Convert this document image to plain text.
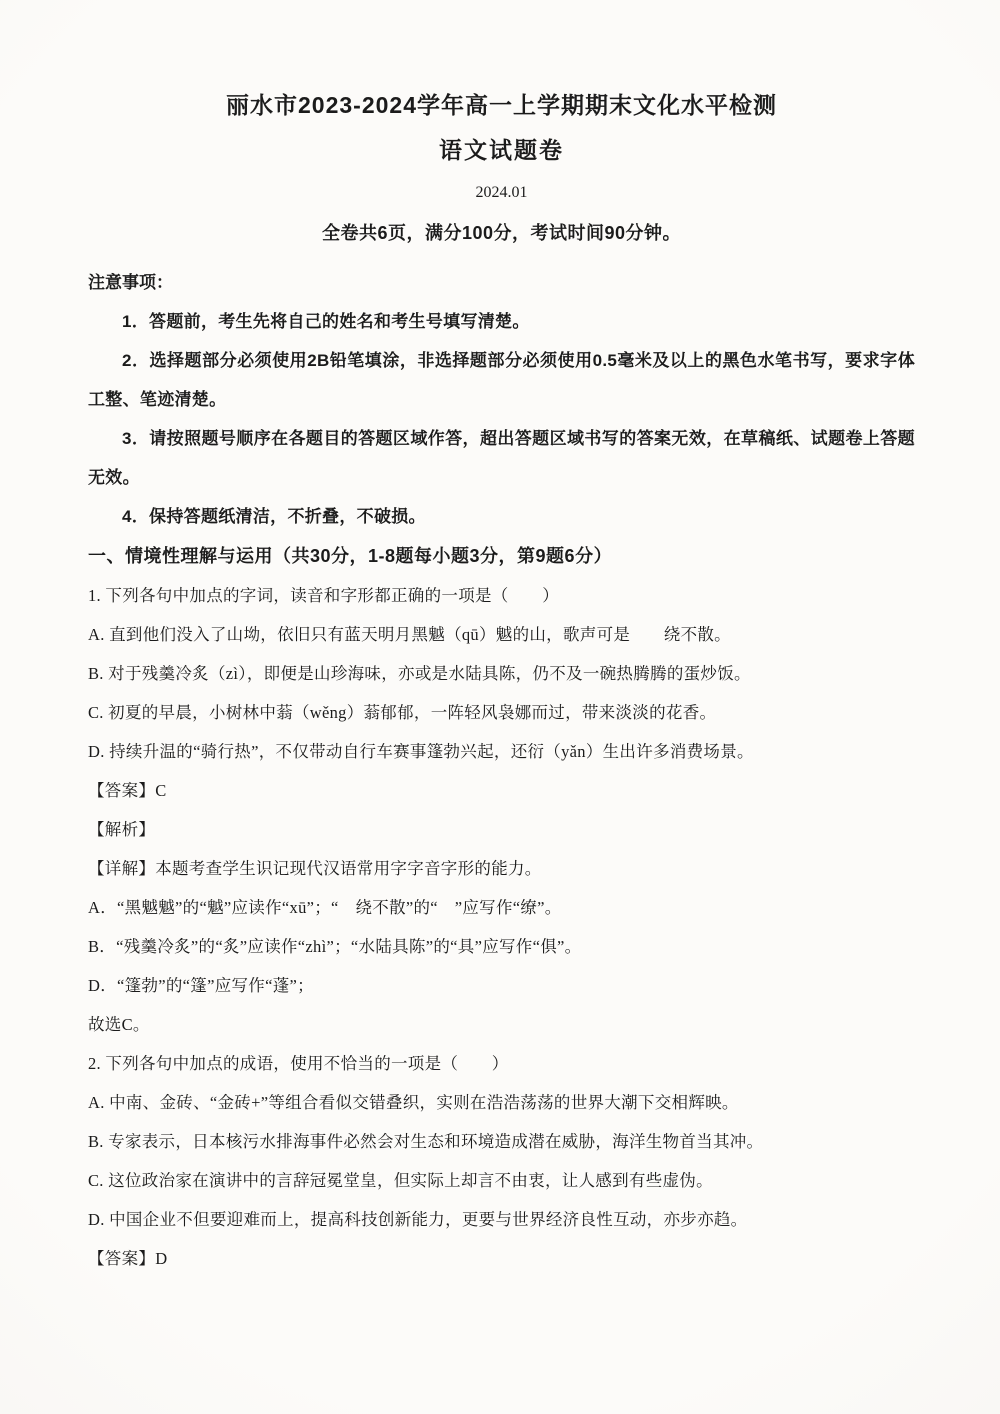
丽水市2023-2024学年高一上学期期末文化水平检测
语文试题卷
2024.01
全卷共6页，满分100分，考试时间90分钟。
注意事项：

1．答题前，考生先将自己的姓名和考生号填写清楚。

2．选择题部分必须使用2B铅笔填涂，非选择题部分必须使用0.5毫米及以上的黑色水笔书写，要求字体工整、笔迹清楚。

3．请按照题号顺序在各题目的答题区域作答，超出答题区域书写的答案无效，在草稿纸、试题卷上答题无效。

4．保持答题纸清洁，不折叠，不破损。

一、情境性理解与运用（共30分，1-8题每小题3分，第9题6分）

1. 下列各句中加点的字词，读音和字形都正确的一项是（　　）

A. 直到他们没入了山坳，依旧只有蓝天明月黑魆（qū）魆的山，歌声可是　　绕不散。

B. 对于残羹冷炙（zì），即便是山珍海味，亦或是水陆具陈，仍不及一碗热腾腾的蛋炒饭。

C. 初夏的早晨，小树林中蓊（wěng）蓊郁郁，一阵轻风袅娜而过，带来淡淡的花香。

D. 持续升温的“骑行热”，不仅带动自行车赛事篷勃兴起，还衍（yǎn）生出许多消费场景。

【答案】C

【解析】

【详解】本题考查学生识记现代汉语常用字字音字形的能力。

A．“黑魆魆”的“魆”应读作“xū”；“　绕不散”的“　”应写作“缭”。

B．“残羹冷炙”的“炙”应读作“zhì”；“水陆具陈”的“具”应写作“俱”。

D．“篷勃”的“篷”应写作“蓬”；

故选C。

2. 下列各句中加点的成语，使用不恰当的一项是（　　）

A. 中南、金砖、“金砖+”等组合看似交错叠织，实则在浩浩荡荡的世界大潮下交相辉映。

B. 专家表示，日本核污水排海事件必然会对生态和环境造成潜在威胁，海洋生物首当其冲。

C. 这位政治家在演讲中的言辞冠冕堂皇，但实际上却言不由衷，让人感到有些虚伪。

D. 中国企业不但要迎难而上，提高科技创新能力，更要与世界经济良性互动，亦步亦趋。

【答案】D
